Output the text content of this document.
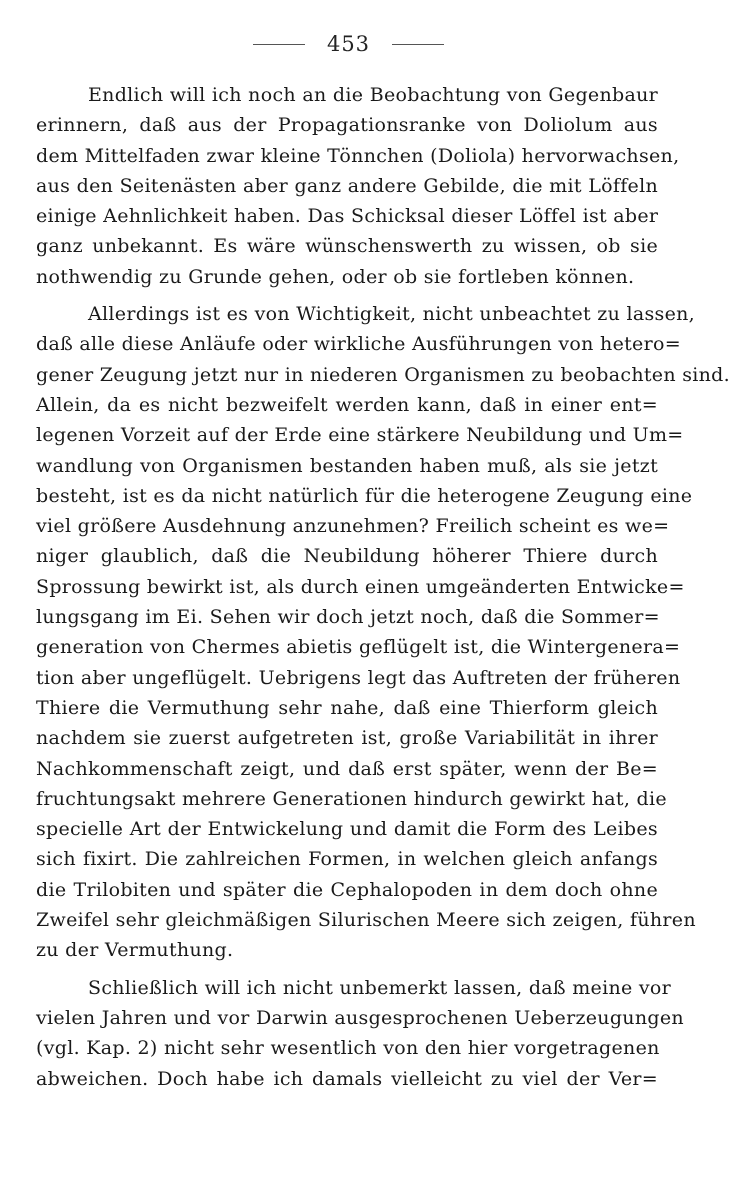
453

Endlich will ich noch an die Beobachtung von Gegenbaur
erinnern, daß aus der Propagationsranke von Doliolum aus
dem Mittelfaden zwar kleine Tönnchen (Doliola) hervorwachsen,
aus den Seitenästen aber ganz andere Gebilde, die mit Löffeln
einige Aehnlichkeit haben. Das Schicksal dieser Löffel ist aber
ganz unbekannt. Es wäre wünschenswerth zu wissen, ob sie
nothwendig zu Grunde gehen, oder ob sie fortleben können.

Allerdings ist es von Wichtigkeit, nicht unbeachtet zu lassen,
daß alle diese Anläufe oder wirkliche Ausführungen von hetero=
gener Zeugung jetzt nur in niederen Organismen zu beobachten sind.
Allein, da es nicht bezweifelt werden kann, daß in einer ent=
legenen Vorzeit auf der Erde eine stärkere Neubildung und Um=
wandlung von Organismen bestanden haben muß, als sie jetzt
besteht, ist es da nicht natürlich für die heterogene Zeugung eine
viel größere Ausdehnung anzunehmen? Freilich scheint es we=
niger glaublich, daß die Neubildung höherer Thiere durch
Sprossung bewirkt ist, als durch einen umgeänderten Entwicke=
lungsgang im Ei. Sehen wir doch jetzt noch, daß die Sommer=
generation von Chermes abietis geflügelt ist, die Wintergenera=
tion aber ungeflügelt. Uebrigens legt das Auftreten der früheren
Thiere die Vermuthung sehr nahe, daß eine Thierform gleich
nachdem sie zuerst aufgetreten ist, große Variabilität in ihrer
Nachkommenschaft zeigt, und daß erst später, wenn der Be=
fruchtungsakt mehrere Generationen hindurch gewirkt hat, die
specielle Art der Entwickelung und damit die Form des Leibes
sich fixirt. Die zahlreichen Formen, in welchen gleich anfangs
die Trilobiten und später die Cephalopoden in dem doch ohne
Zweifel sehr gleichmäßigen Silurischen Meere sich zeigen, führen
zu der Vermuthung.

Schließlich will ich nicht unbemerkt lassen, daß meine vor
vielen Jahren und vor Darwin ausgesprochenen Ueberzeugungen
(vgl. Kap. 2) nicht sehr wesentlich von den hier vorgetragenen
abweichen. Doch habe ich damals vielleicht zu viel der Ver=
